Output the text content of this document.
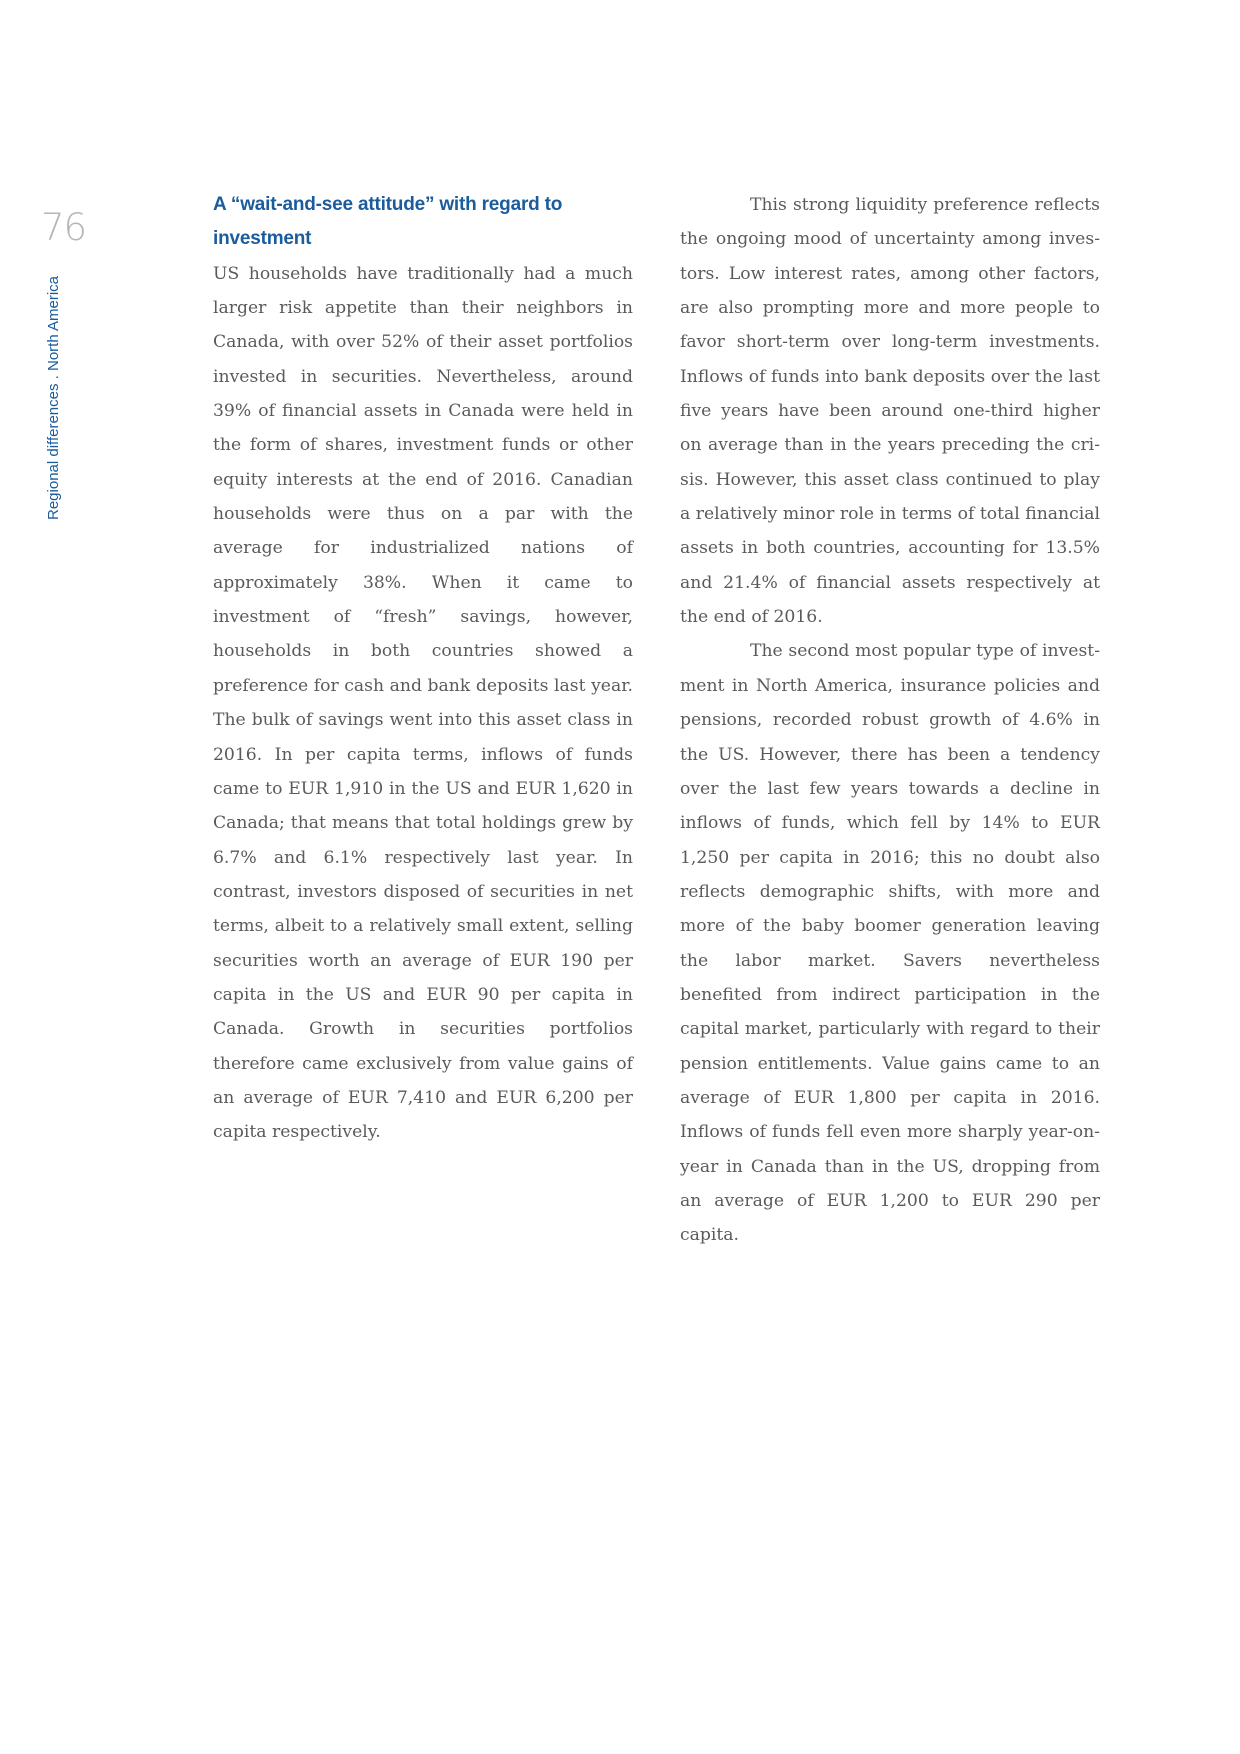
76
Regional differences . North America
A “wait-and-see attitude” with regard to investment

US households have traditionally had a much larger risk appetite than their neighbors in Canada, with over 52% of their asset portfolios invested in securities. Nevertheless, around 39% of financial assets in Canada were held in the form of shares, investment funds or other equity interests at the end of 2016. Canadian households were thus on a par with the average for industrialized nations of approximately 38%. When it came to investment of “fresh” savings, however, households in both countries showed a preference for cash and bank deposits last year. The bulk of savings went into this asset class in 2016. In per capita terms, inflows of funds came to EUR 1,910 in the US and EUR 1,620 in Canada; that means that total holdings grew by 6.7% and 6.1% respectively last year. In contrast, investors disposed of securities in net terms, albeit to a relatively small extent, selling securities worth an average of EUR 190 per capita in the US and EUR 90 per capita in Canada. Growth in securities portfolios therefore came exclusively from value gains of an average of EUR 7,410 and EUR 6,200 per capita respectively.

This strong liquidity preference reflects the ongoing mood of uncertainty among investors. Low interest rates, among other factors, are also prompting more and more people to favor short-term over long-term investments. Inflows of funds into bank deposits over the last five years have been around one-third higher on average than in the years preceding the crisis. However, this asset class continued to play a relatively minor role in terms of total financial assets in both countries, accounting for 13.5% and 21.4% of financial assets respectively at the end of 2016.

The second most popular type of investment in North America, insurance policies and pensions, recorded robust growth of 4.6% in the US. However, there has been a tendency over the last few years towards a decline in inflows of funds, which fell by 14% to EUR 1,250 per capita in 2016; this no doubt also reflects demographic shifts, with more and more of the baby boomer generation leaving the labor market. Savers nevertheless benefited from indirect participation in the capital market, particularly with regard to their pension entitlements. Value gains came to an average of EUR 1,800 per capita in 2016. Inflows of funds fell even more sharply year-on-year in Canada than in the US, dropping from an average of EUR 1,200 to EUR 290 per capita.
